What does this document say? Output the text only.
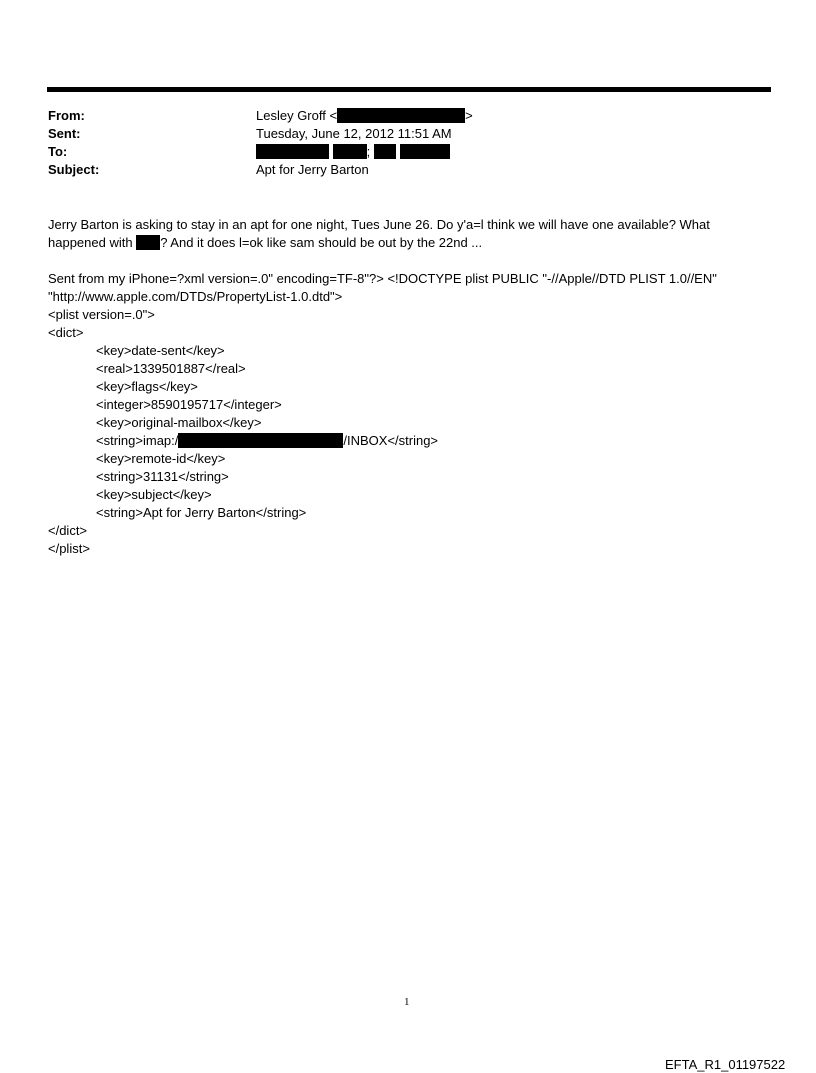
From:
Sent:
To:
Subject:
Lesley Groff <	>
Tuesday, June 12, 2012 11:51 AM
;
Apt for Jerry Barton
Jerry Barton is asking to stay in an apt for one night, Tues June 26. Do y'a=l think we will have one available? What
happened with ? And it does l=ok like sam should be out by the 22nd ...
Sent from my iPhone=?xml version=.0" encoding=TF-8"?> <!DOCTYPE plist PUBLIC "-//Apple//DTD PLIST 1.0//EN"
"http://www.apple.com/DTDs/PropertyList-1.0.dtd">
<plist version=.0">
<dict>
<key>date-sent</key>
<real>1339501887</real>
<key>flags</key>
<integer>8590195717</integer>
<key>original-mailbox</key>
<string>imap:/	/INBOX</string>
<key>remote-id</key>
<string>31131</string>
<key>subject</key>
<string>Apt for Jerry Barton</string>
</dict>
</plist>
1
EFTA_R1_01197522
